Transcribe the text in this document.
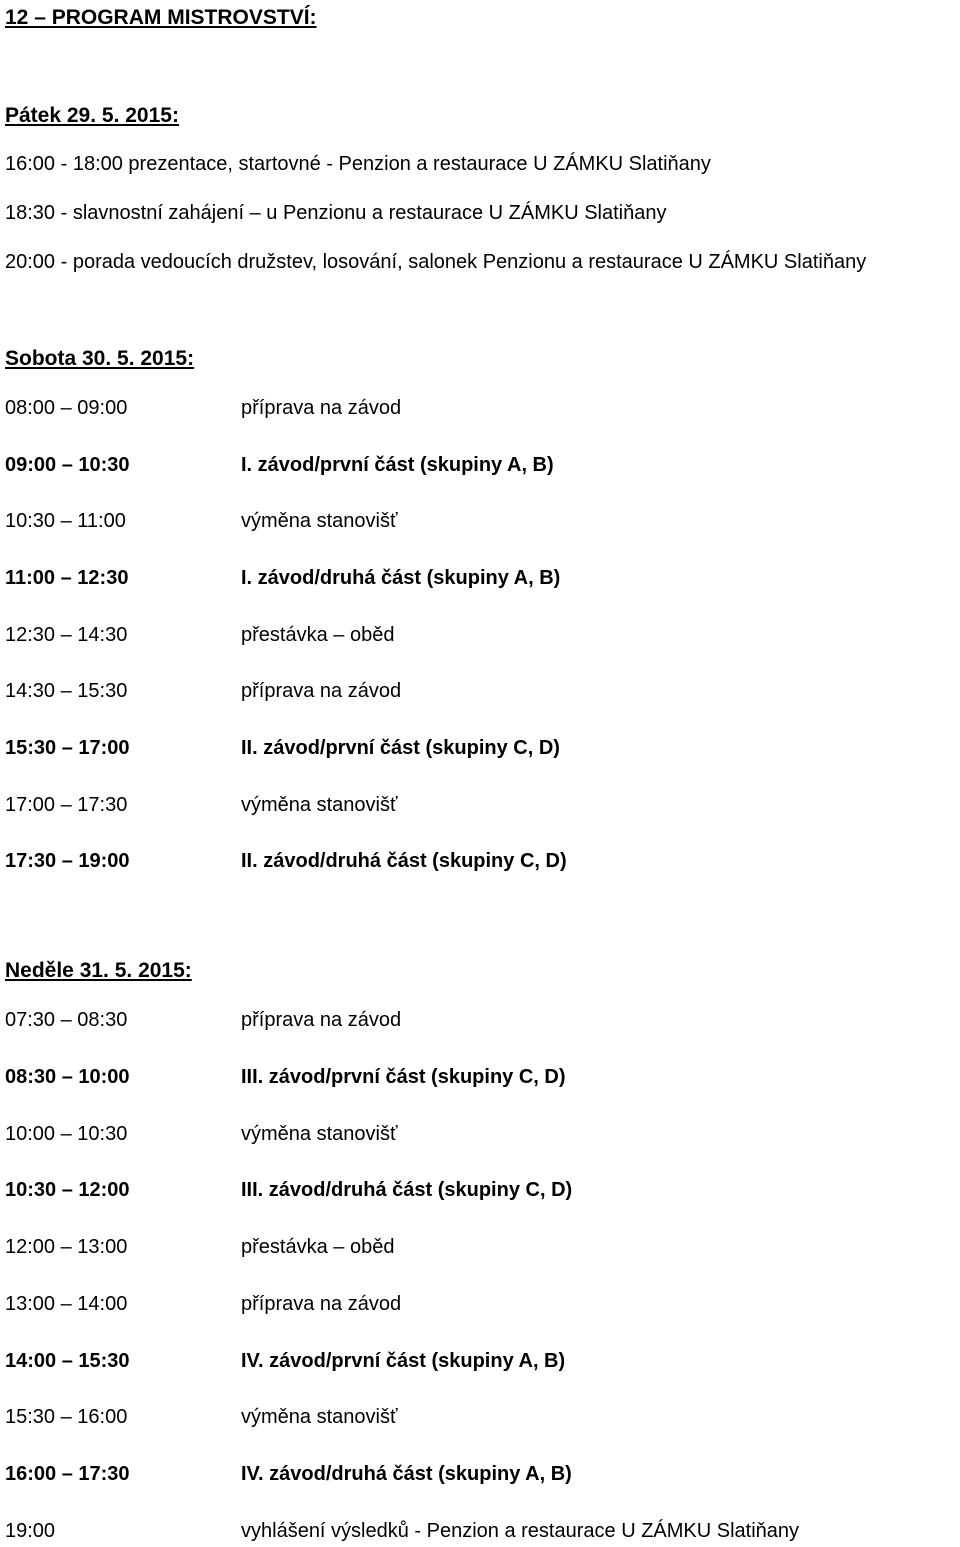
12 – PROGRAM MISTROVSTVÍ:
Pátek 29. 5. 2015:
16:00 - 18:00 prezentace, startovné - Penzion a restaurace U ZÁMKU Slatiňany
18:30 - slavnostní zahájení – u Penzionu a restaurace U ZÁMKU Slatiňany
20:00 - porada vedoucích družstev, losování, salonek Penzionu a restaurace U ZÁMKU Slatiňany
Sobota 30. 5. 2015:
08:00 – 09:00	příprava na závod
09:00 – 10:30	I. závod/první část (skupiny A, B)
10:30 – 11:00	výměna stanovišť
11:00 – 12:30	I. závod/druhá část (skupiny A, B)
12:30 – 14:30	přestávka – oběd
14:30 – 15:30	příprava na závod
15:30 – 17:00	II. závod/první část (skupiny C, D)
17:00 – 17:30	výměna stanovišť
17:30 – 19:00	II. závod/druhá část (skupiny C, D)
Neděle 31. 5. 2015:
07:30 – 08:30	příprava na závod
08:30 – 10:00	III. závod/první část (skupiny C, D)
10:00 – 10:30	výměna stanovišť
10:30 – 12:00	III. závod/druhá část (skupiny C, D)
12:00 – 13:00	přestávka – oběd
13:00 – 14:00	příprava na závod
14:00 – 15:30	IV. závod/první část (skupiny A, B)
15:30 – 16:00	výměna stanovišť
16:00 – 17:30	IV. závod/druhá část (skupiny A, B)
19:00	vyhlášení výsledků - Penzion a restaurace U ZÁMKU Slatiňany
